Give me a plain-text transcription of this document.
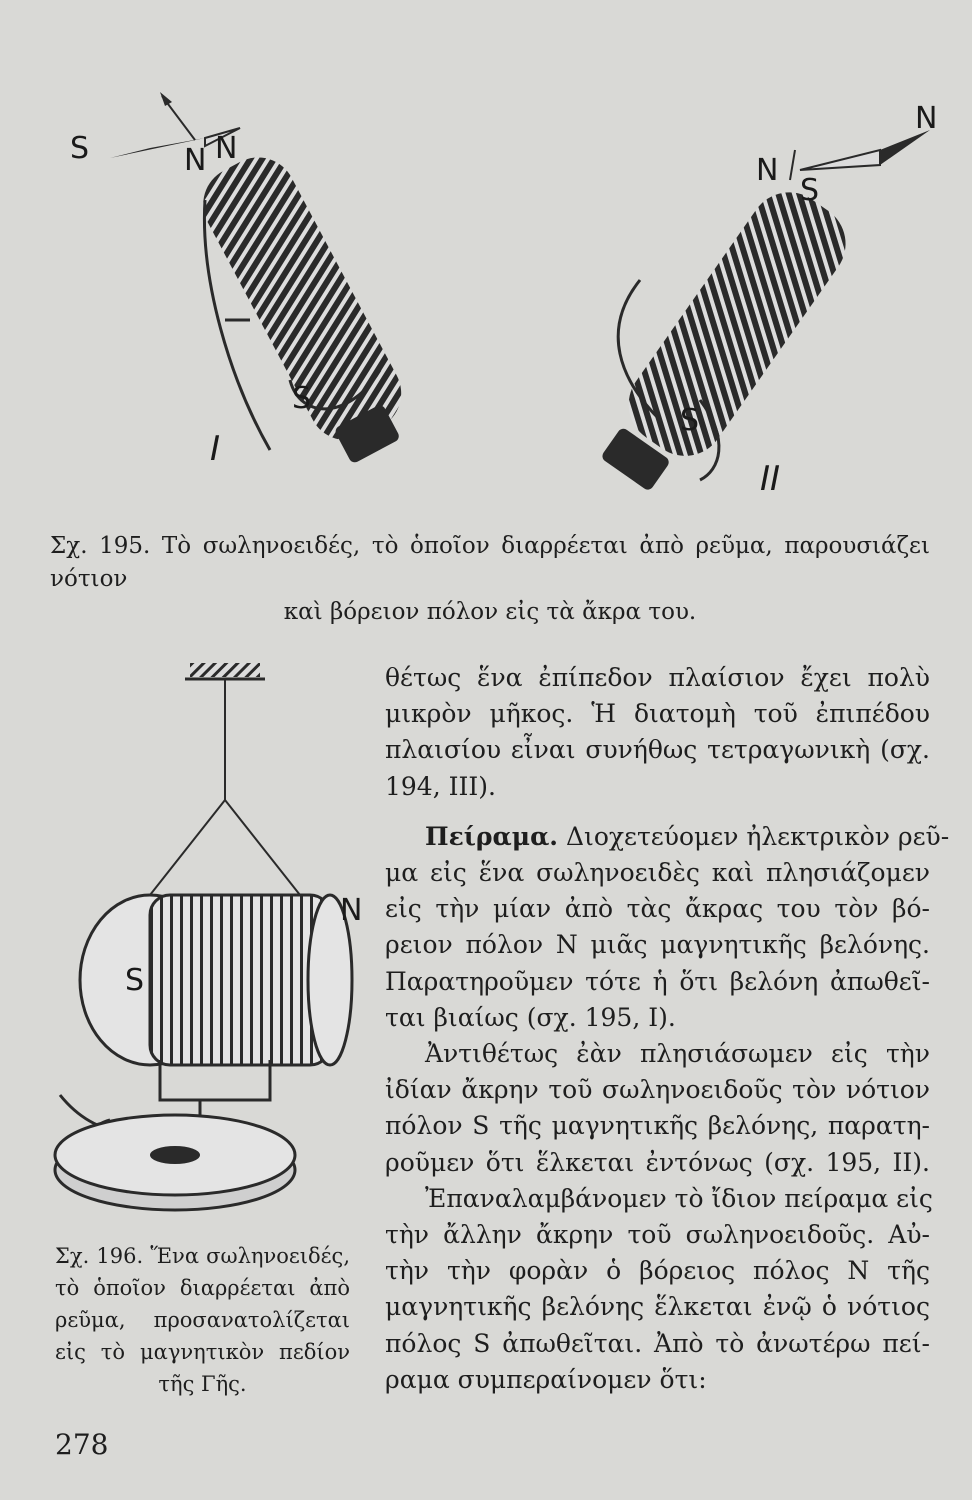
S	N N
S
I
N
S
N
S
II
Σχ. 195. Τὸ σωληνοειδές, τὸ ὁποῖον διαρρέεται ἀπὸ ρεῦμα, παρουσιάζει νότιον
καὶ βόρειον πόλον εἰς τὰ ἄκρα του.
N
S
Σχ. 196. Ἕνα σωληνοειδές,
τὸ ὁποῖον διαρρέεται ἀπὸ
ρεῦμα, προσανατολίζεται
εἰς τὸ μαγνητικὸν πεδίον
τῆς Γῆς.
θέτως ἕνα ἐπίπεδον πλαίσιον ἔχει πολὺ
μικρὸν μῆκος. Ἡ διατομὴ τοῦ ἐπιπέδου
πλαισίου εἶναι συνήθως τετραγωνικὴ (σχ.
194, III).
Πείραμα. Διοχετεύομεν ἠλεκτρικὸν ρεῦ-
μα εἰς ἕνα σωληνοειδὲς καὶ πλησιάζομεν
εἰς τὴν μίαν ἀπὸ τὰς ἄκρας του τὸν βό-
ρειον πόλον Ν μιᾶς μαγνητικῆς βελόνης.
Παρατηροῦμεν τότε ἡ ὅτι βελόνη ἀπωθεῖ-
ται βιαίως (σχ. 195, Ι).
Ἀντιθέτως ἐὰν πλησιάσωμεν εἰς τὴν
ἰδίαν ἄκρην τοῦ σωληνοειδοῦς τὸν νότιον
πόλον S τῆς μαγνητικῆς βελόνης, παρατη-
ροῦμεν ὅτι ἕλκεται ἐντόνως (σχ. 195, ΙΙ).
Ἐπαναλαμβάνομεν τὸ ἴδιον πείραμα εἰς
τὴν ἄλλην ἄκρην τοῦ σωληνοειδοῦς. Αὐ-
τὴν τὴν φορὰν ὁ βόρειος πόλος Ν τῆς
μαγνητικῆς βελόνης ἕλκεται ἐνῷ ὁ νότιος
πόλος S ἀπωθεῖται. Ἀπὸ τὸ ἀνωτέρω πεί-
ραμα συμπεραίνομεν ὅτι:
278
